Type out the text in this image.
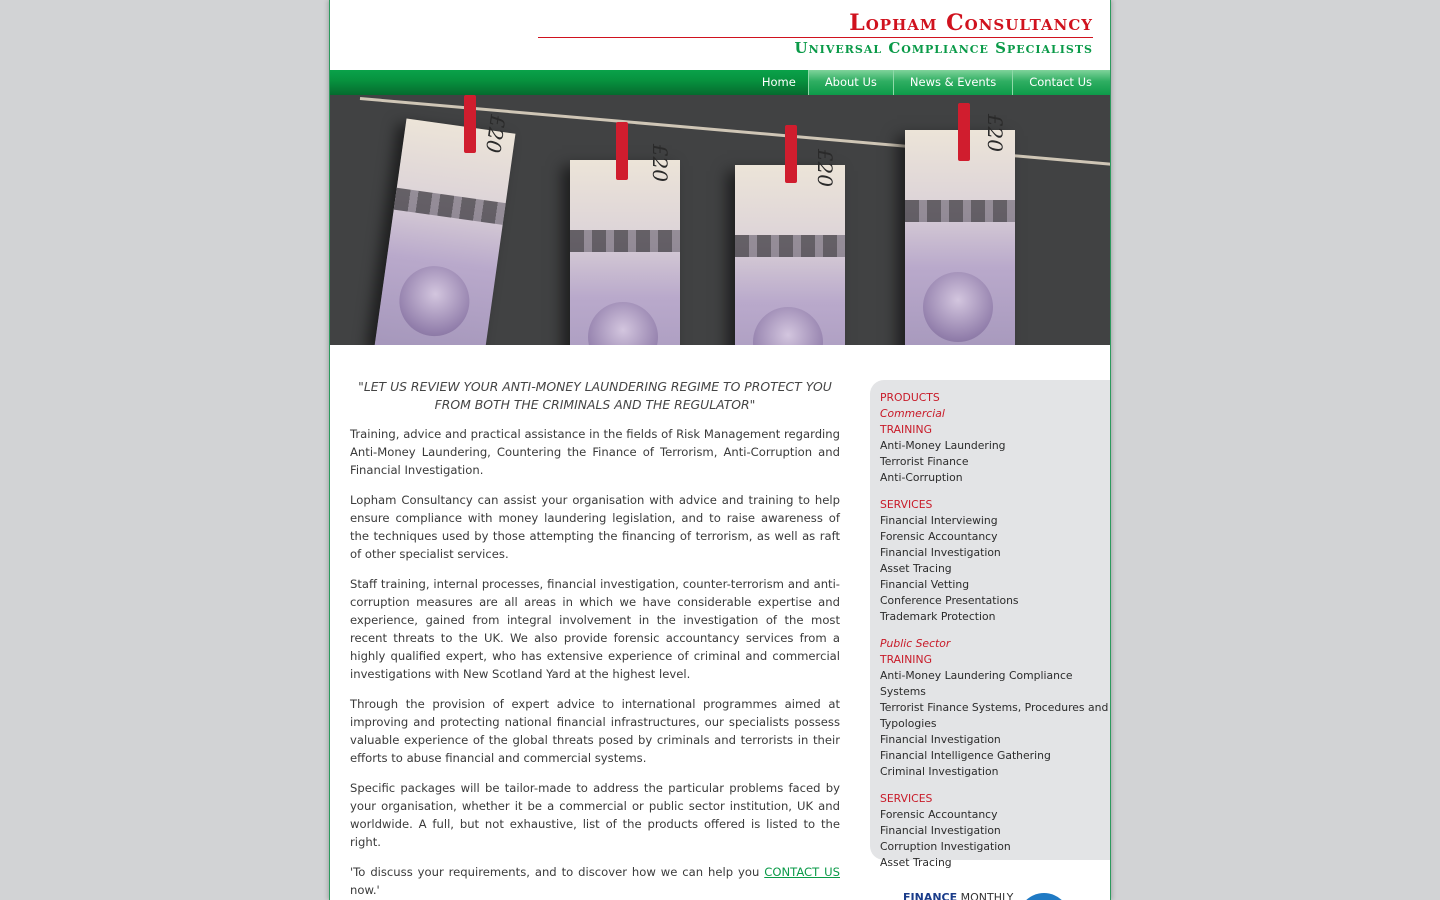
Lopham Consultancy
Universal Compliance Specialists
Home	About Us	News & Events	Contact Us
£20
£20	£20
£20

"LET US REVIEW YOUR ANTI-MONEY LAUNDERING REGIME TO PROTECT YOU FROM BOTH THE CRIMINALS AND THE REGULATOR"

Training, advice and practical assistance in the fields of Risk Management regarding Anti-Money Laundering, Countering the Finance of Terrorism, Anti-Corruption and Financial Investigation.

Lopham Consultancy can assist your organisation with advice and training to help ensure compliance with money laundering legislation, and to raise awareness of the techniques used by those attempting the financing of terrorism, as well as raft of other specialist services.

Staff training, internal processes, financial investigation, counter-terrorism and anti-corruption measures are all areas in which we have considerable expertise and experience, gained from integral involvement in the investigation of the most recent threats to the UK. We also provide forensic accountancy services from a highly qualified expert, who has extensive experience of criminal and commercial investigations with New Scotland Yard at the highest level.

Through the provision of expert advice to international programmes aimed at improving and protecting national financial infrastructures, our specialists possess valuable experience of the global threats posed by criminals and terrorists in their efforts to abuse financial and commercial systems.

Specific packages will be tailor-made to address the particular problems faced by your organisation, whether it be a commercial or public sector institution, UK and worldwide. A full, but not exhaustive, list of the products offered is listed to the right.

'To discuss your requirements, and to discover how we can help you CONTACT US now.'

PRODUCTS
Commercial
TRAINING
Anti-Money Laundering
Terrorist Finance
Anti-Corruption
SERVICES
Financial Interviewing
Forensic Accountancy
Financial Investigation
Asset Tracing
Financial Vetting
Conference Presentations
Trademark Protection
Public Sector
TRAINING
Anti-Money Laundering Compliance Systems
Terrorist Finance Systems, Procedures and Typologies
Financial Investigation
Financial Intelligence Gathering
Criminal Investigation
SERVICES
Forensic Accountancy
Financial Investigation
Corruption Investigation
Asset Tracing
FINANCE MONTHLY
